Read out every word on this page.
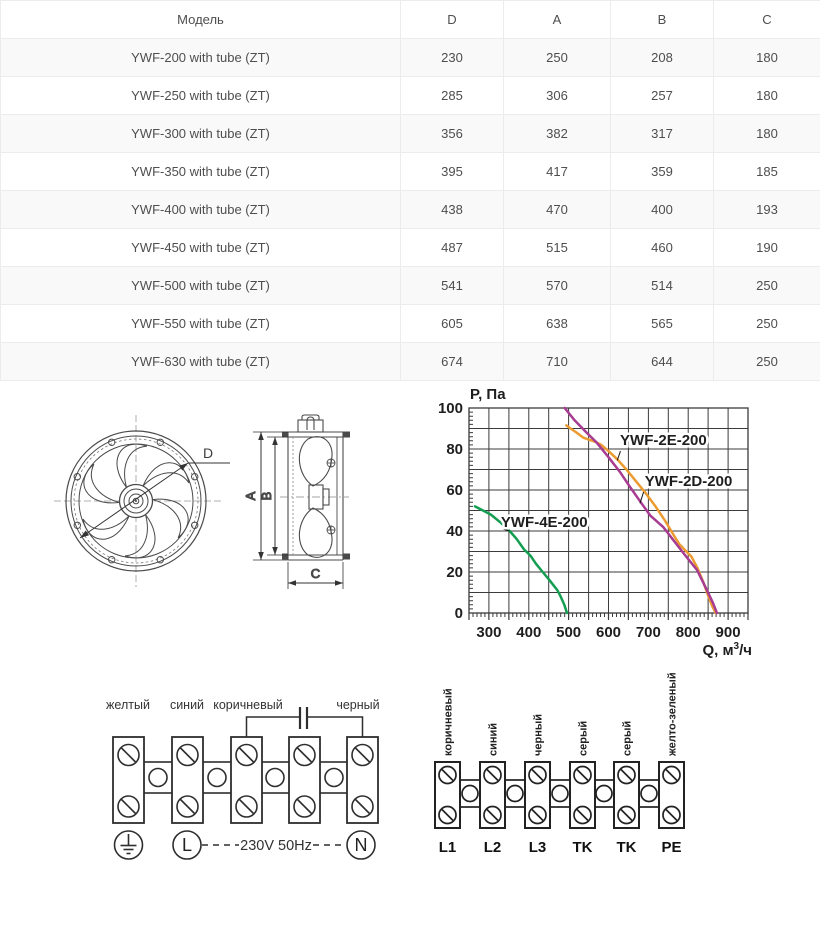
Модель	D	A	B	C
YWF-200 with tube (ZT)	230	250	208	180
YWF-250 with tube (ZT)	285	306	257	180
YWF-300 with tube (ZT)	356	382	317	180
YWF-350 with tube (ZT)	395	417	359	185
YWF-400 with tube (ZT)	438	470	400	193
YWF-450 with tube (ZT)	487	515	460	190
YWF-500 with tube (ZT)	541	570	514	250
YWF-550 with tube (ZT)	605	638	565	250
YWF-630 with tube (ZT)	674	710	644	250
D
A B
C
300 400 500 600 700 800 900
0
20
40
60
80
100
YWF-4E-200
YWF-2E-200
YWF-2D-200
P, Па
Q, $м^3/ч$
желтый синий коричневый	черный
L	230V 50Hz N
коричневый	синий	черный	серый	серый	желто-зеленый
L1 L2 L3 TK TK PE
